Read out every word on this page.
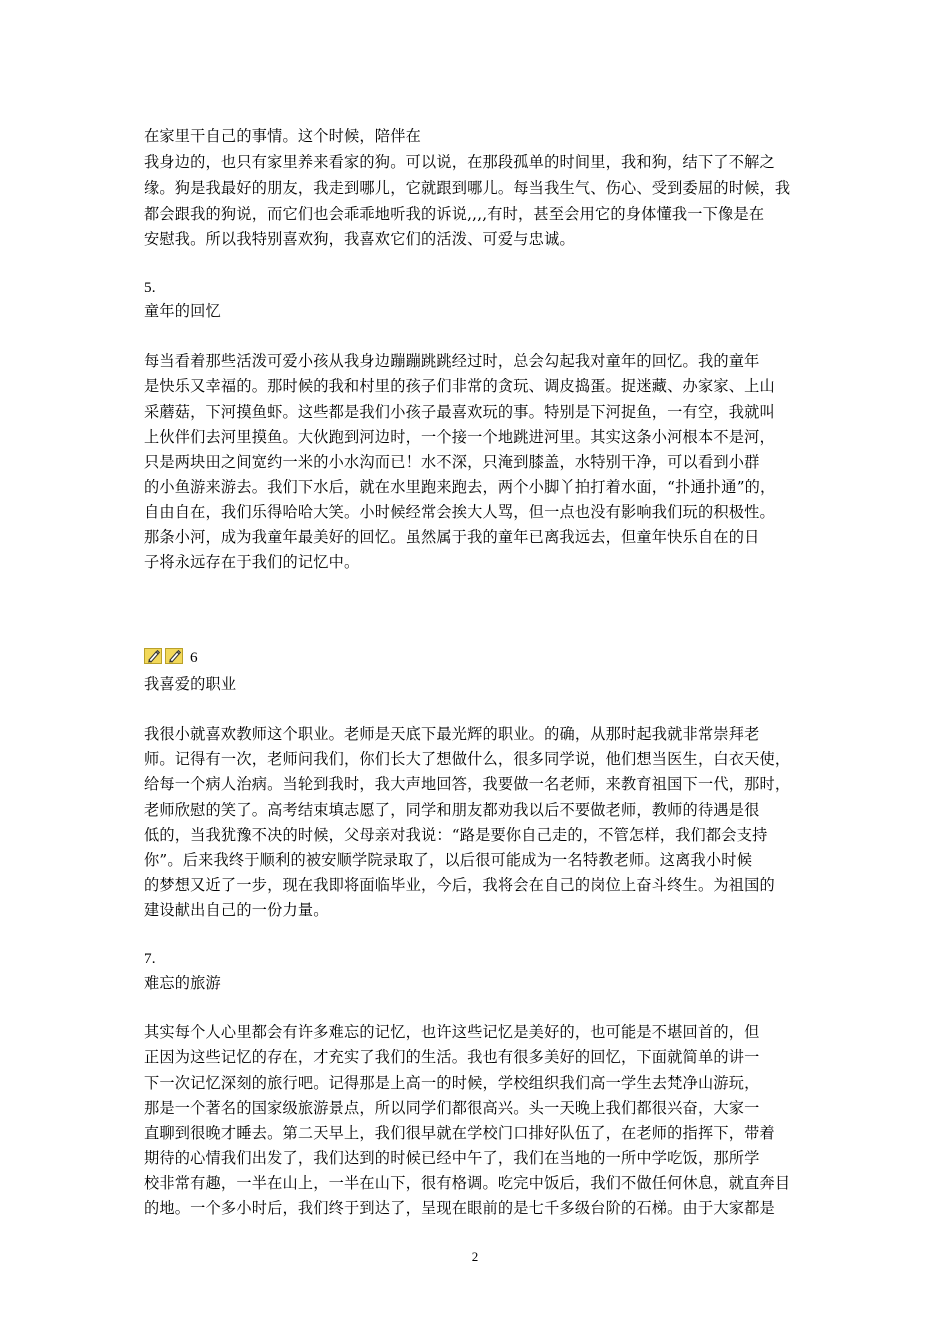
在家里干自己的事情。这个时候，陪伴在
我身边的，也只有家里养来看家的狗。可以说，在那段孤单的时间里，我和狗，结下了不解之
缘。狗是我最好的朋友，我走到哪儿，它就跟到哪儿。每当我生气、伤心、受到委屈的时候，我
都会跟我的狗说，而它们也会乖乖地听我的诉说,,,,有时，甚至会用它的身体懂我一下像是在
安慰我。所以我特别喜欢狗，我喜欢它们的活泼、可爱与忠诚。
5.
童年的回忆
每当看着那些活泼可爱小孩从我身边蹦蹦跳跳经过时，总会勾起我对童年的回忆。我的童年
是快乐又幸福的。那时候的我和村里的孩子们非常的贪玩、调皮捣蛋。捉迷藏、办家家、上山
采蘑菇，下河摸鱼虾。这些都是我们小孩子最喜欢玩的事。特别是下河捉鱼，一有空，我就叫
上伙伴们去河里摸鱼。大伙跑到河边时，一个接一个地跳进河里。其实这条小河根本不是河，
只是两块田之间宽约一米的小水沟而已！水不深，只淹到膝盖，水特别干净，可以看到小群
的小鱼游来游去。我们下水后，就在水里跑来跑去，两个小脚丫拍打着水面，“扑通扑通”的，
自由自在，我们乐得哈哈大笑。小时候经常会挨大人骂，但一点也没有影响我们玩的积极性。
那条小河，成为我童年最美好的回忆。虽然属于我的童年已离我远去，但童年快乐自在的日
子将永远存在于我们的记忆中。
6
我喜爱的职业
我很小就喜欢教师这个职业。老师是天底下最光辉的职业。的确，从那时起我就非常崇拜老
师。记得有一次，老师问我们，你们长大了想做什么，很多同学说，他们想当医生，白衣天使，
给每一个病人治病。当轮到我时，我大声地回答，我要做一名老师，来教育祖国下一代，那时，
老师欣慰的笑了。高考结束填志愿了，同学和朋友都劝我以后不要做老师，教师的待遇是很
低的，当我犹豫不决的时候，父母亲对我说：“路是要你自己走的，不管怎样，我们都会支持
你”。后来我终于顺利的被安顺学院录取了，以后很可能成为一名特教老师。这离我小时候
的梦想又近了一步，现在我即将面临毕业，今后，我将会在自己的岗位上奋斗终生。为祖国的
建设献出自己的一份力量。
7.
难忘的旅游
其实每个人心里都会有许多难忘的记忆，也许这些记忆是美好的，也可能是不堪回首的，但
正因为这些记忆的存在，才充实了我们的生活。我也有很多美好的回忆，下面就简单的讲一
下一次记忆深刻的旅行吧。记得那是上高一的时候，学校组织我们高一学生去梵净山游玩，
那是一个著名的国家级旅游景点，所以同学们都很高兴。头一天晚上我们都很兴奋，大家一
直聊到很晚才睡去。第二天早上，我们很早就在学校门口排好队伍了，在老师的指挥下，带着
期待的心情我们出发了，我们达到的时候已经中午了，我们在当地的一所中学吃饭，那所学
校非常有趣，一半在山上，一半在山下，很有格调。吃完中饭后，我们不做任何休息，就直奔目
的地。一个多小时后，我们终于到达了，呈现在眼前的是七千多级台阶的石梯。由于大家都是
2
